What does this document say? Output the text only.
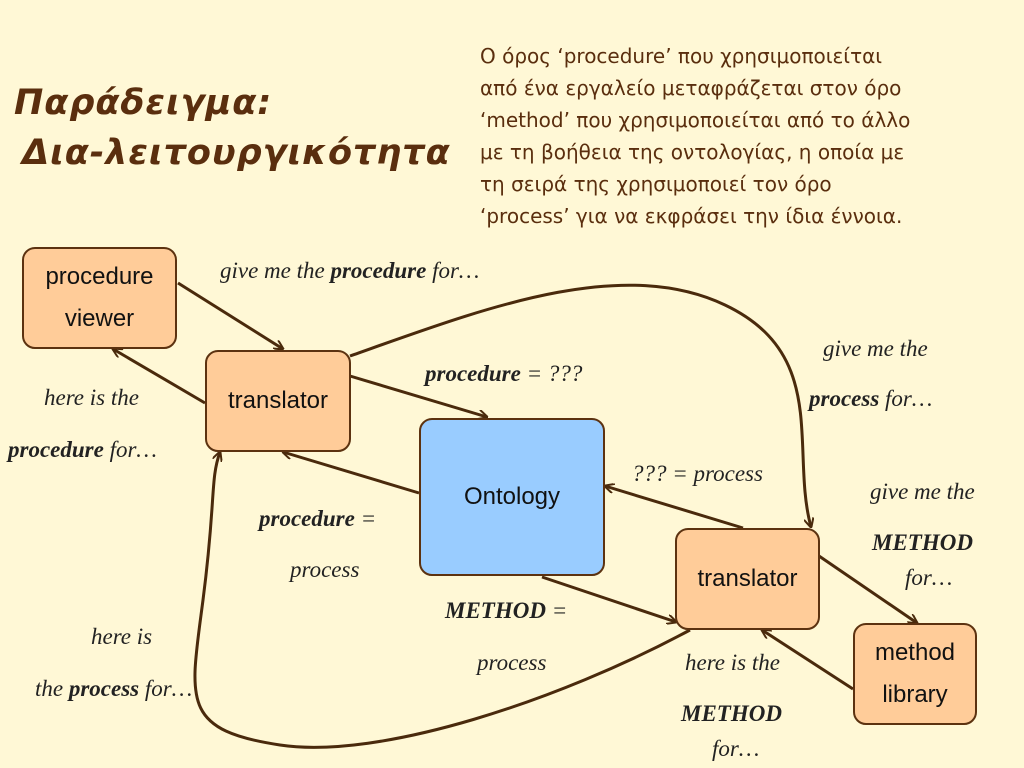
Παράδειγμα:
Δια-λειτουργικότητα
Ο όρος ‘procedure’ που χρησιμοποιείται
από ένα εργαλείο μεταφράζεται στον όρο
‘method’ που χρησιμοποιείται από το άλλο
με τη βοήθεια της οντολογίας, η οποία με
τη σειρά της χρησιμοποιεί τον όρο
‘process’ για να εκφράσει την ίδια έννοια.
procedure
viewer
translator
Ontology
translator
method
library
give me the procedure for…
here is the
procedure for…
procedure = ???
give me the
process for…
??? = process
procedure =
process
give me the
METHOD
for…
METHOD =
process
here is
the process for…
here is the
METHOD
for…
